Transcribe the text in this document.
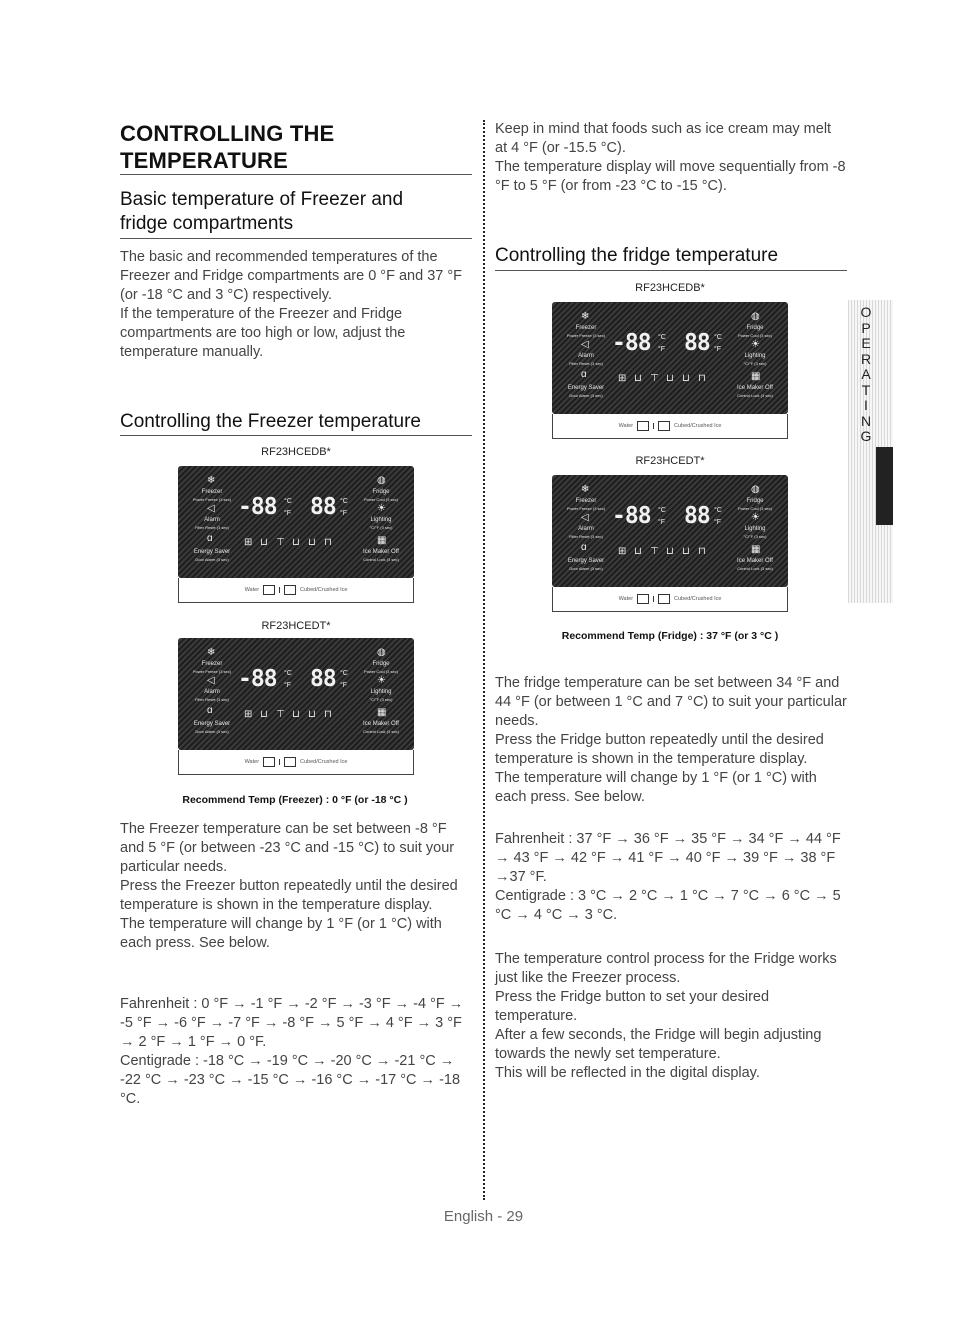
CONTROLLING THE TEMPERATURE
Basic temperature of Freezer and fridge compartments

The basic and recommended temperatures of the Freezer and Fridge compartments are 0 °F and 37 °F (or -18 °C and 3 °C) respectively.

If the temperature of the Freezer and Fridge compartments are too high or low, adjust the temperature manually.

Controlling the Freezer temperature
RF23HCEDB*
❄
Freezer
Power Freeze (3 sec)
◁
Alarm
Filter Reset (3 sec)
ɑ
Energy Saver
Door Alarm (3 sec)
-88 °C
°F 88 °C
°F
◍
Fridge
Power Cool (3 sec)
☀
Lighting
°C/°F (3 sec)
▦
Ice Maker Off
Control Lock (3 sec)
⊞ ⊔ ⊤ ⊔ ⊔ ⊓
Water	Cubed/Crushed Ice
RF23HCEDT*
❄
Freezer
Power Freeze (3 sec)
◁
Alarm
Filter Reset (3 sec)
ɑ
Energy Saver
Door Alarm (3 sec)
-88 °C
°F 88 °C
°F
◍
Fridge
Power Cool (3 sec)
☀
Lighting
°C/°F (3 sec)
▦
Ice Maker Off
Control Lock (3 sec)
⊞ ⊔ ⊤ ⊔ ⊔ ⊓
Water	Cubed/Crushed Ice
Recommend Temp (Freezer) : 0 °F (or -18 °C )

The Freezer temperature can be set between -8 °F and 5 °F (or between -23 °C and -15 °C) to suit your particular needs.

Press the Freezer button repeatedly until the desired temperature is shown in the temperature display.

The temperature will change by 1 °F (or 1 °C) with each press. See below.

Fahrenheit : 0 °F → -1 °F → -2 °F → -3 °F → -4 °F → -5 °F → -6 °F → -7 °F → -8 °F → 5 °F → 4 °F → 3 °F → 2 °F → 1 °F → 0 °F.

Centigrade : -18 °C → -19 °C → -20 °C → -21 °C → -22 °C → -23 °C → -15 °C → -16 °C → -17 °C → -18 °C.

Keep in mind that foods such as ice cream may melt at 4 °F (or -15.5 °C).

The temperature display will move sequentially from -8 °F to 5 °F (or from -23 °C to -15 °C).

Controlling the fridge temperature
RF23HCEDB*
❄
Freezer
Power Freeze (3 sec)
◁
Alarm
Filter Reset (3 sec)
ɑ
Energy Saver
Door Alarm (3 sec)
-88 °C
°F 88 °C
°F
◍
Fridge
Power Cool (3 sec)
☀
Lighting
°C/°F (3 sec)
▦
Ice Maker Off
Control Lock (3 sec)
⊞ ⊔ ⊤ ⊔ ⊔ ⊓
Water	Cubed/Crushed Ice
RF23HCEDT*
❄
Freezer
Power Freeze (3 sec)
◁
Alarm
Filter Reset (3 sec)
ɑ
Energy Saver
Door Alarm (3 sec)
-88 °C
°F 88 °C
°F
◍
Fridge
Power Cool (3 sec)
☀
Lighting
°C/°F (3 sec)
▦
Ice Maker Off
Control Lock (3 sec)
⊞ ⊔ ⊤ ⊔ ⊔ ⊓
Water	Cubed/Crushed Ice
Recommend Temp (Fridge) : 37 °F (or 3 °C )

The fridge temperature can be set between 34 °F and 44 °F (or between 1 °C and 7 °C) to suit your particular needs.

Press the Fridge button repeatedly until the desired temperature is shown in the temperature display.

The temperature will change by 1 °F (or 1 °C) with each press. See below.

Fahrenheit : 37 °F → 36 °F → 35 °F → 34 °F → 44 °F → 43 °F → 42 °F → 41 °F → 40 °F → 39 °F → 38 °F →37 °F.

Centigrade : 3 °C → 2 °C → 1 °C → 7 °C → 6 °C → 5 °C → 4 °C → 3 °C.

The temperature control process for the Fridge works just like the Freezer process.

Press the Fridge button to set your desired temperature.

After a few seconds, the Fridge will begin adjusting towards the newly set temperature.

This will be reflected in the digital display.

O
P
E
R
A
T
I
N
G
English - 29
